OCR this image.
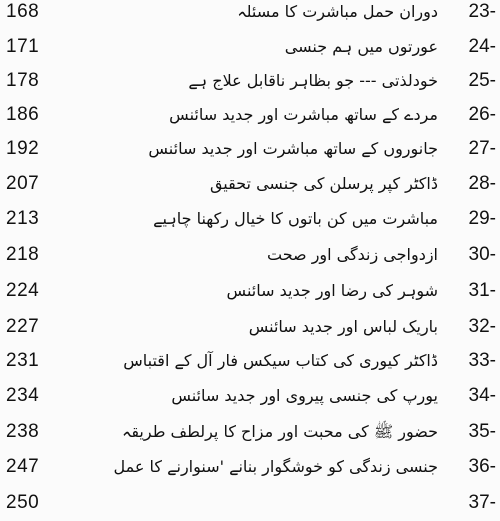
168	دوران حمل مباشرت کا مسئلہ	23-
171	عورتوں میں ہم جنسی	24-
178	خودلذتی --- جو بظاہر ناقابل علاج ہے	25-
186	مردے کے ساتھ مباشرت اور جدید سائنس	26-
192	جانوروں کے ساتھ مباشرت اور جدید سائنس	27-
207	ڈاکٹر کپر پرسلن کی جنسی تحقیق	28-
213	مباشرت میں کن باتوں کا خیال رکھنا چاہیے	29-
218	ازدواجی زندگی اور صحت	30-
224	شوہر کی رضا اور جدید سائنس	31-
227	باریک لباس اور جدید سائنس	32-
231	ڈاکٹر کیوری کی کتاب سیکس فار آل کے اقتباس	33-
234	یورپ کی جنسی پیروی اور جدید سائنس	34-
238	حضور ﷺ کی محبت اور مزاح کا پرلطف طریقہ	35-
247	جنسی زندگی کو خوشگوار بنانے 'سنوارنے کا عمل	36-
250	37-
